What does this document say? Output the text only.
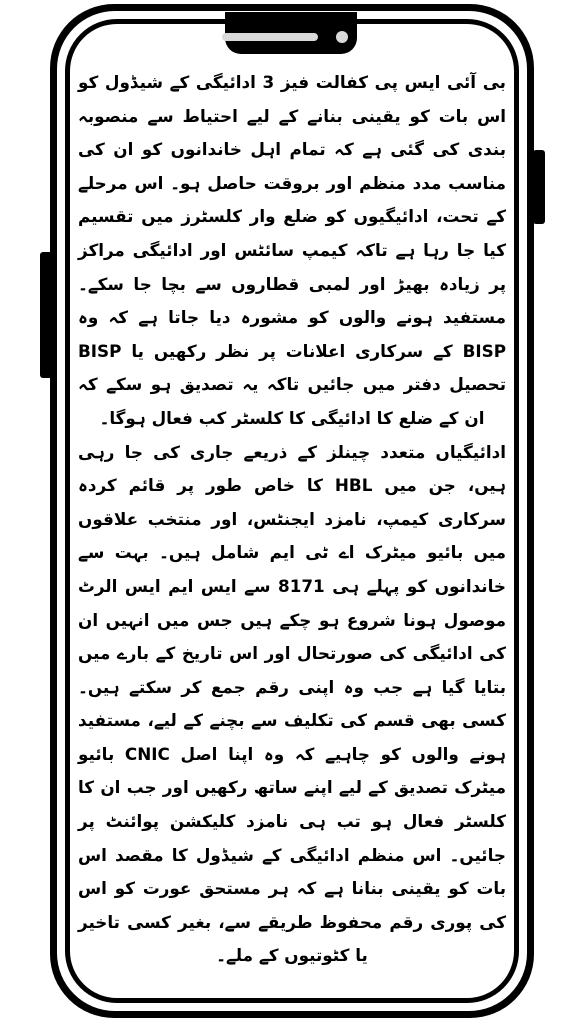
بی آئی ایس پی کفالت فیز 3 ادائیگی کے شیڈول کو اس بات کو یقینی بنانے کے لیے احتیاط سے منصوبہ بندی کی گئی ہے کہ تمام اہل خاندانوں کو ان کی مناسب مدد منظم اور بروقت حاصل ہو۔ اس مرحلے کے تحت، ادائیگیوں کو ضلع وار کلسٹرز میں تقسیم کیا جا رہا ہے تاکہ کیمپ سائٹس اور ادائیگی مراکز پر زیادہ بھیڑ اور لمبی قطاروں سے بچا جا سکے۔ مستفید ہونے والوں کو مشورہ دیا جاتا ہے کہ وہ BISP کے سرکاری اعلانات پر نظر رکھیں یا BISP تحصیل دفتر میں جائیں تاکہ یہ تصدیق ہو سکے کہ ان کے ضلع کا ادائیگی کا کلسٹر کب فعال ہوگا۔

ادائیگیاں متعدد چینلز کے ذریعے جاری کی جا رہی ہیں، جن میں HBL کا خاص طور پر قائم کردہ سرکاری کیمپ، نامزد ایجنٹس، اور منتخب علاقوں میں بائیو میٹرک اے ٹی ایم شامل ہیں۔ بہت سے خاندانوں کو پہلے ہی 8171 سے ایس ایم ایس الرٹ موصول ہونا شروع ہو چکے ہیں جس میں انہیں ان کی ادائیگی کی صورتحال اور اس تاریخ کے بارے میں بتایا گیا ہے جب وہ اپنی رقم جمع کر سکتے ہیں۔ کسی بھی قسم کی تکلیف سے بچنے کے لیے، مستفید ہونے والوں کو چاہیے کہ وہ اپنا اصل CNIC بائیو میٹرک تصدیق کے لیے اپنے ساتھ رکھیں اور جب ان کا کلسٹر فعال ہو تب ہی نامزد کلیکشن پوائنٹ پر جائیں۔ اس منظم ادائیگی کے شیڈول کا مقصد اس بات کو یقینی بنانا ہے کہ ہر مستحق عورت کو اس کی پوری رقم محفوظ طریقے سے، بغیر کسی تاخیر یا کٹوتیوں کے ملے۔
